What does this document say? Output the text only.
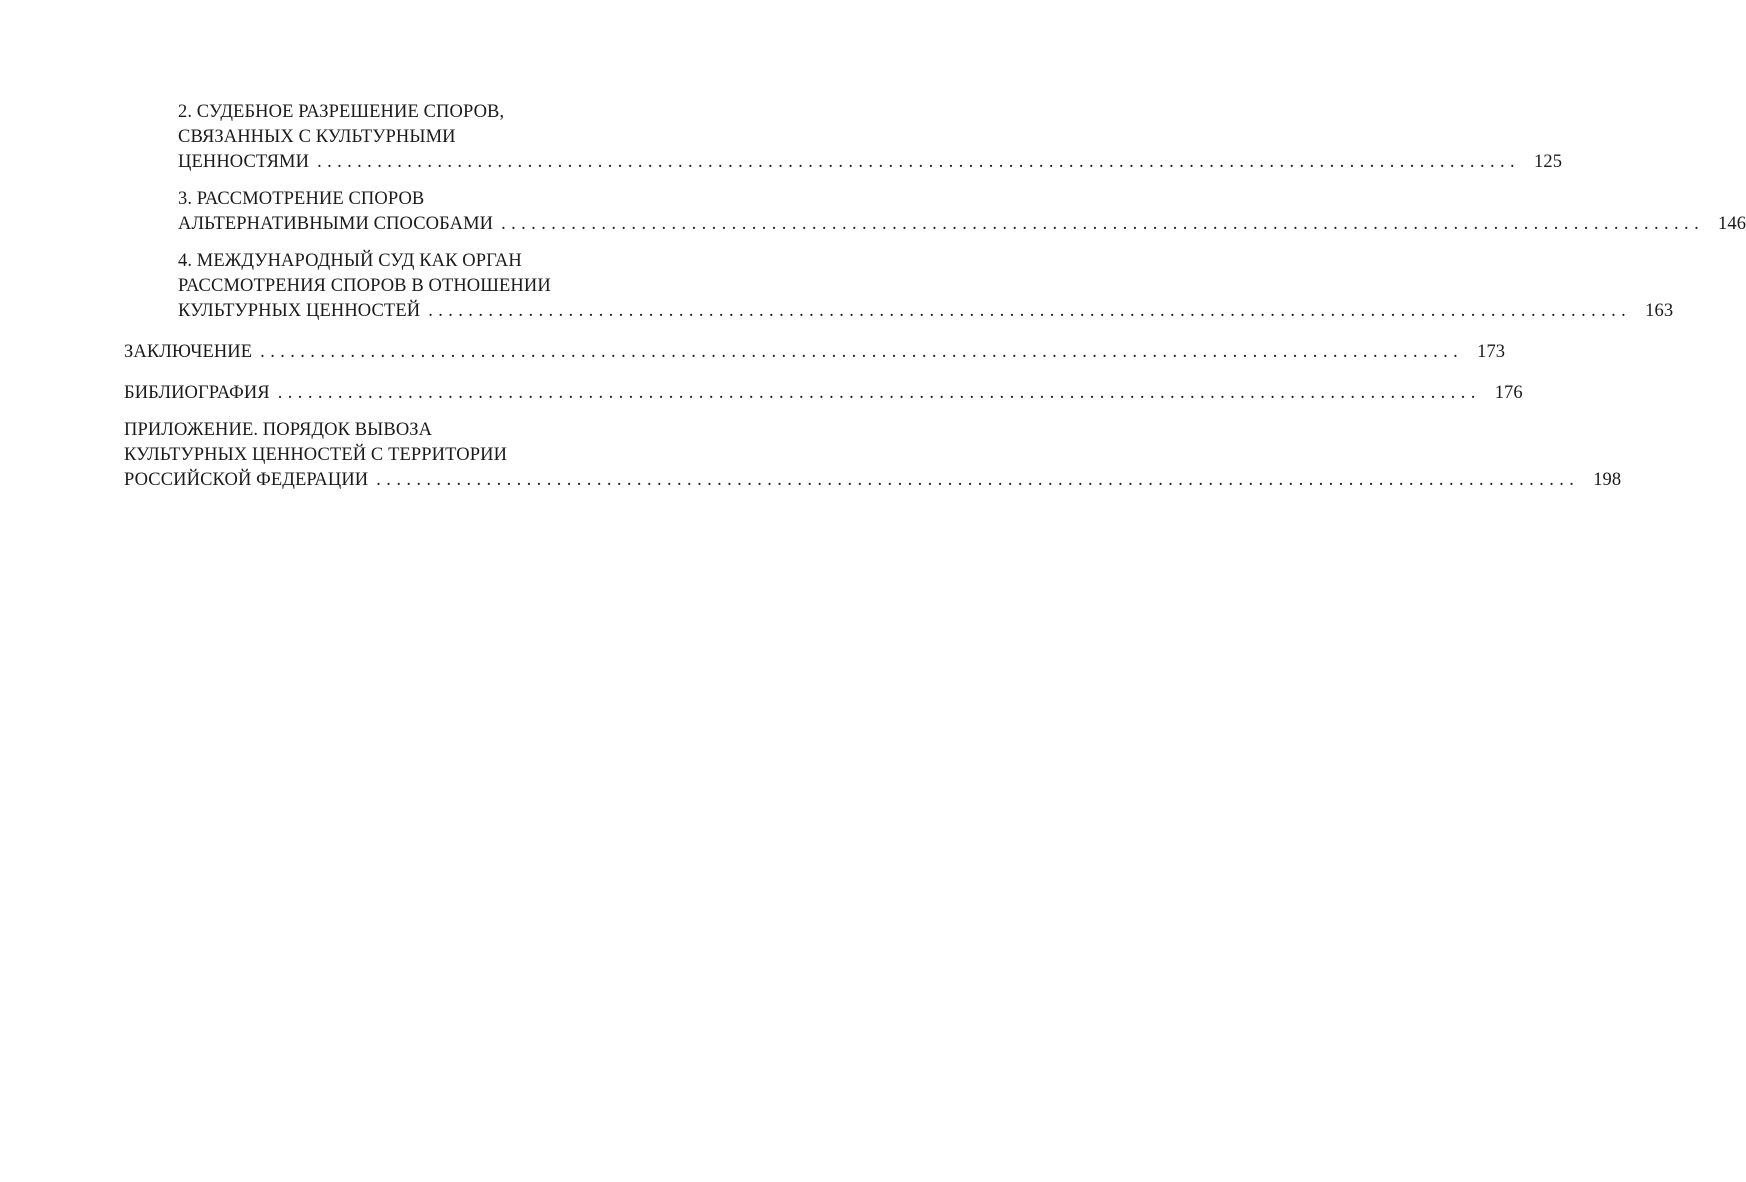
2. СУДЕБНОЕ РАЗРЕШЕНИЕ СПОРОВ,
СВЯЗАННЫХ С КУЛЬТУРНЫМИ
ЦЕННОСТЯМИ ........................................................................................................................ 125
3. РАССМОТРЕНИЕ СПОРОВ
АЛЬТЕРНАТИВНЫМИ СПОСОБАМИ ........................................................................................................................ 146
4. МЕЖДУНАРОДНЫЙ СУД КАК ОРГАН
РАССМОТРЕНИЯ СПОРОВ В ОТНОШЕНИИ
КУЛЬТУРНЫХ ЦЕННОСТЕЙ ........................................................................................................................ 163
ЗАКЛЮЧЕНИЕ ........................................................................................................................ 173
БИБЛИОГРАФИЯ ........................................................................................................................ 176
ПРИЛОЖЕНИЕ. ПОРЯДОК ВЫВОЗА
КУЛЬТУРНЫХ ЦЕННОСТЕЙ С ТЕРРИТОРИИ
РОССИЙСКОЙ ФЕДЕРАЦИИ ........................................................................................................................ 198
